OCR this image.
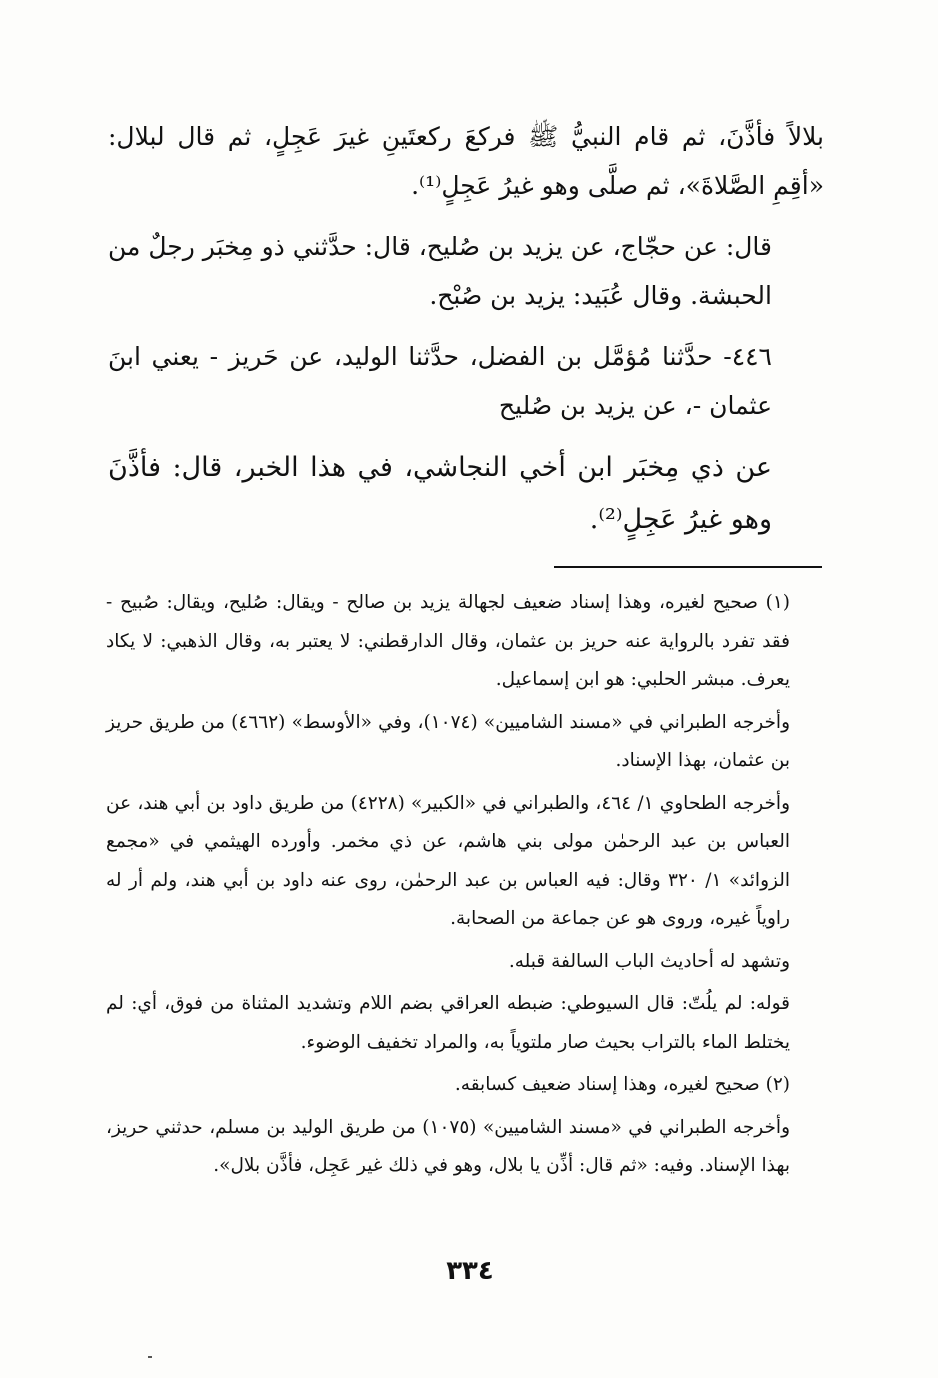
بلالاً فأذَّنَ، ثم قام النبيُّ ﷺ فركعَ ركعتَينِ غيرَ عَجِلٍ، ثم قال لبلال: «أقِمِ الصَّلاةَ»، ثم صلَّى وهو غيرُ عَجِلٍ⁽¹⁾.

قال: عن حجّاج، عن يزيد بن صُليح، قال: حدَّثني ذو مِخبَر رجلٌ من الحبشة. وقال عُبَيد: يزيد بن صُبْح.

٤٤٦- حدَّثنا مُؤمَّل بن الفضل، حدَّثنا الوليد، عن حَريز - يعني ابنَ عثمان -، عن يزيد بن صُليح

عن ذي مِخبَر ابن أخي النجاشي، في هذا الخبر، قال: فأذَّنَ وهو غيرُ عَجِلٍ⁽²⁾.

(١) صحيح لغيره، وهذا إسناد ضعيف لجهالة يزيد بن صالح - ويقال: صُليح، ويقال: صُبيح - فقد تفرد بالرواية عنه حريز بن عثمان، وقال الدارقطني: لا يعتبر به، وقال الذهبي: لا يكاد يعرف. مبشر الحلبي: هو ابن إسماعيل.

وأخرجه الطبراني في «مسند الشاميين» (١٠٧٤)، وفي «الأوسط» (٤٦٦٢) من طريق حريز بن عثمان، بهذا الإسناد.

وأخرجه الطحاوي ١/ ٤٦٤، والطبراني في «الكبير» (٤٢٢٨) من طريق داود بن أبي هند، عن العباس بن عبد الرحمٰن مولى بني هاشم، عن ذي مخمر. وأورده الهيثمي في «مجمع الزوائد» ١/ ٣٢٠ وقال: فيه العباس بن عبد الرحمٰن، روى عنه داود بن أبي هند، ولم أر له راوياً غيره، وروى هو عن جماعة من الصحابة.

وتشهد له أحاديث الباب السالفة قبله.

قوله: لم يلُتّ: قال السيوطي: ضبطه العراقي بضم اللام وتشديد المثناة من فوق، أي: لم يختلط الماء بالتراب بحيث صار ملتوياً به، والمراد تخفيف الوضوء.

(٢) صحيح لغيره، وهذا إسناد ضعيف كسابقه.

وأخرجه الطبراني في «مسند الشاميين» (١٠٧٥) من طريق الوليد بن مسلم، حدثني حريز، بهذا الإسناد. وفيه: «ثم قال: أذِّن يا بلال، وهو في ذلك غير عَجِل، فأذَّن بلال».

٣٣٤
